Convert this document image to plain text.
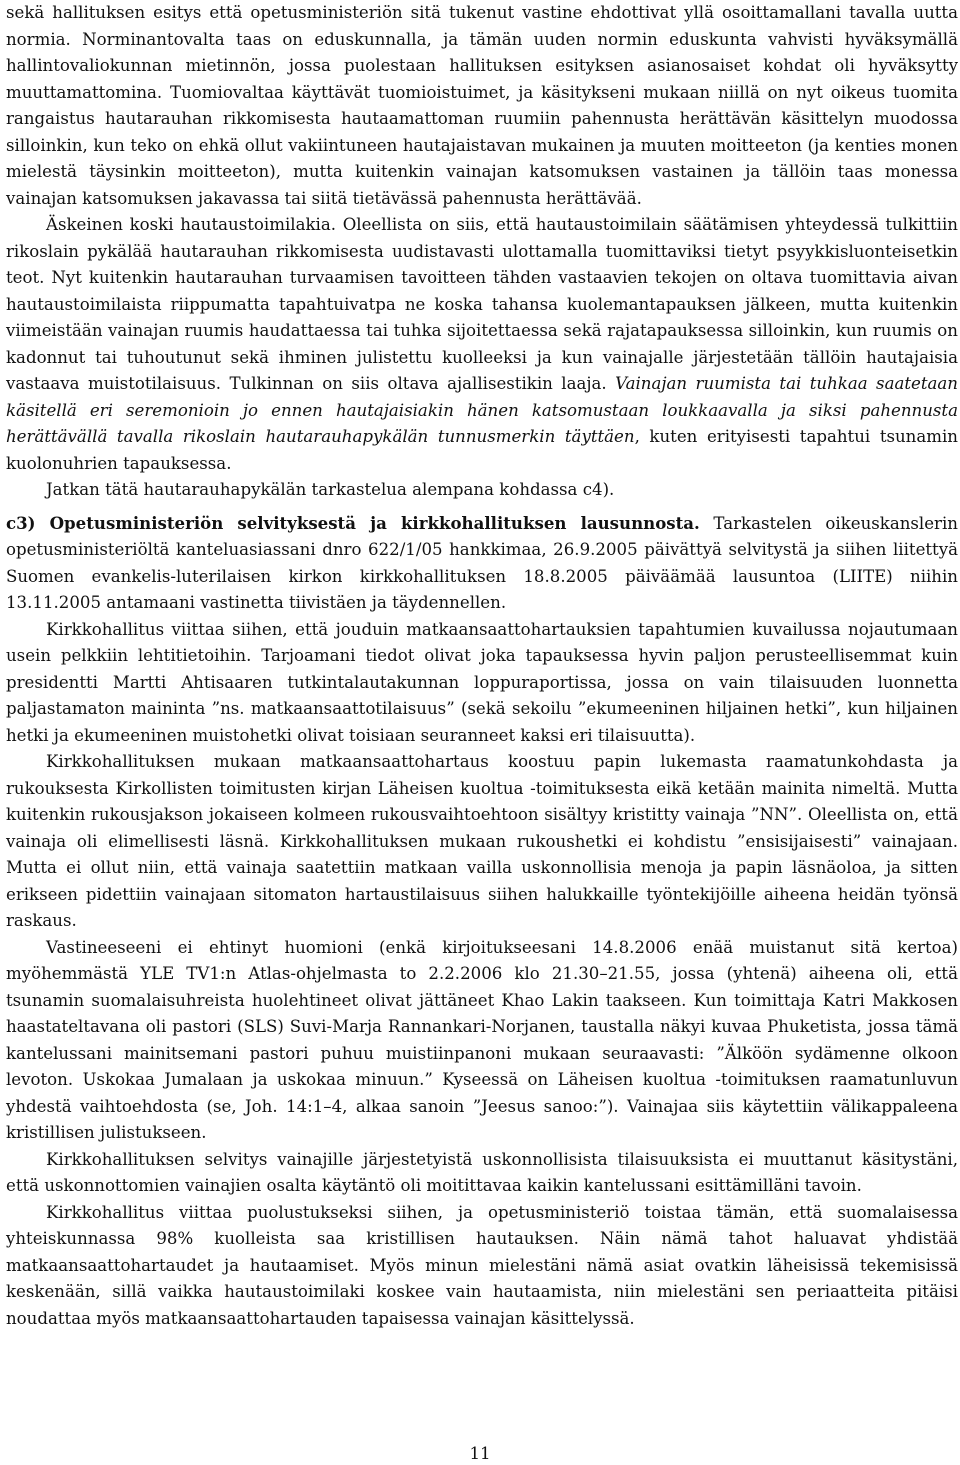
sekä hallituksen esitys että opetusministeriön sitä tukenut vastine ehdottivat yllä osoittamallani tavalla uutta normia. Norminantovalta taas on eduskunnalla, ja tämän uuden normin eduskunta vahvisti hyväksymällä hallintovaliokunnan mietinnön, jossa puolestaan hallituksen esityksen asianosaiset kohdat oli hyväksytty muuttamattomina. Tuomiovaltaa käyttävät tuomioistuimet, ja käsitykseni mukaan niillä on nyt oikeus tuomita rangaistus hautarauhan rikkomisesta hautaamattoman ruumiin pahennusta herättävän käsittelyn muodossa silloinkin, kun teko on ehkä ollut vakiintuneen hautajaistavan mukainen ja muuten moitteeton (ja kenties monen mielestä täysinkin moitteeton), mutta kuitenkin vainajan katsomuksen vastainen ja tällöin taas monessa vainajan katsomuksen jakavassa tai siitä tietävässä pahennusta herättävää.

Äskeinen koski hautaustoimilakia. Oleellista on siis, että hautaustoimilain säätämisen yhteydessä tulkittiin rikoslain pykälää hautarauhan rikkomisesta uudistavasti ulottamalla tuomittaviksi tietyt psyykkisluonteisetkin teot. Nyt kuitenkin hautarauhan turvaamisen tavoitteen tähden vastaavien tekojen on oltava tuomittavia aivan hautaustoimilaista riippumatta tapahtuivatpa ne koska tahansa kuolemantapauksen jälkeen, mutta kuitenkin viimeistään vainajan ruumis haudattaessa tai tuhka sijoitettaessa sekä rajatapauksessa silloinkin, kun ruumis on kadonnut tai tuhoutunut sekä ihminen julistettu kuolleeksi ja kun vainajalle järjestetään tällöin hautajaisia vastaava muistotilaisuus. Tulkinnan on siis oltava ajallisestikin laaja. Vainajan ruumista tai tuhkaa saatetaan käsitellä eri seremonioin jo ennen hautajaisiakin hänen katsomustaan loukkaavalla ja siksi pahennusta herättävällä tavalla rikoslain hautarauhapykälän tunnusmerkin täyttäen, kuten erityisesti tapahtui tsunamin kuolonuhrien tapauksessa.

Jatkan tätä hautarauhapykälän tarkastelua alempana kohdassa c4).

c3) Opetusministeriön selvityksestä ja kirkkohallituksen lausunnosta. Tarkastelen oikeuskanslerin opetusministeriöltä kanteluasiassani dnro 622/1/05 hankkimaa, 26.9.2005 päivättyä selvitystä ja siihen liitettyä Suomen evankelis-luterilaisen kirkon kirkkohallituksen 18.8.2005 päiväämää lausuntoa (LIITE) niihin 13.11.2005 antamaani vastinetta tiivistäen ja täydennellen.

Kirkkohallitus viittaa siihen, että jouduin matkaansaattohartauksien tapahtumien kuvailussa nojautumaan usein pelkkiin lehtitietoihin. Tarjoamani tiedot olivat joka tapauksessa hyvin paljon perusteellisemmat kuin presidentti Martti Ahtisaaren tutkintalautakunnan loppuraportissa, jossa on vain tilaisuuden luonnetta paljastamaton maininta ”ns. matkaansaattotilaisuus” (sekä sekoilu ”ekumeeninen hiljainen hetki”, kun hiljainen hetki ja ekumeeninen muistohetki olivat toisiaan seuranneet kaksi eri tilaisuutta).

Kirkkohallituksen mukaan matkaansaattohartaus koostuu papin lukemasta raamatunkohdasta ja rukouksesta Kirkollisten toimitusten kirjan Läheisen kuoltua -toimituksesta eikä ketään mainita nimeltä. Mutta kuitenkin rukousjakson jokaiseen kolmeen rukousvaihtoehtoon sisältyy kristitty vainaja ”NN”. Oleellista on, että vainaja oli elimellisesti läsnä. Kirkkohallituksen mukaan rukoushetki ei kohdistu ”ensisijaisesti” vainajaan. Mutta ei ollut niin, että vainaja saatettiin matkaan vailla uskonnollisia menoja ja papin läsnäoloa, ja sitten erikseen pidettiin vainajaan sitomaton hartaustilaisuus siihen halukkaille työntekijöille aiheena heidän työnsä raskaus.

Vastineeseeni ei ehtinyt huomioni (enkä kirjoitukseesani 14.8.2006 enää muistanut sitä kertoa) myöhemmästä YLE TV1:n Atlas-ohjelmasta to 2.2.2006 klo 21.30–21.55, jossa (yhtenä) aiheena oli, että tsunamin suomalaisuhreista huolehtineet olivat jättäneet Khao Lakin taakseen. Kun toimittaja Katri Makkosen haastateltavana oli pastori (SLS) Suvi-Marja Rannankari-Norjanen, taustalla näkyi kuvaa Phuketista, jossa tämä kantelussani mainitsemani pastori puhuu muistiinpanoni mukaan seuraavasti: ”Älköön sydämenne olkoon levoton. Uskokaa Jumalaan ja uskokaa minuun.” Kyseessä on Läheisen kuoltua -toimituksen raamatunluvun yhdestä vaihtoehdosta (se, Joh. 14:1–4, alkaa sanoin ”Jeesus sanoo:”). Vainajaa siis käytettiin välikappaleena kristillisen julistukseen.

Kirkkohallituksen selvitys vainajille järjestetyistä uskonnollisista tilaisuuksista ei muuttanut käsitystäni, että uskonnottomien vainajien osalta käytäntö oli moitittavaa kaikin kantelussani esittämilläni tavoin.

Kirkkohallitus viittaa puolustukseksi siihen, ja opetusministeriö toistaa tämän, että suomalaisessa yhteiskunnassa 98% kuolleista saa kristillisen hautauksen. Näin nämä tahot haluavat yhdistää matkaansaattohartaudet ja hautaamiset. Myös minun mielestäni nämä asiat ovatkin läheisissä tekemisissä keskenään, sillä vaikka hautaustoimilaki koskee vain hautaamista, niin mielestäni sen periaatteita pitäisi noudattaa myös matkaansaattohartauden tapaisessa vainajan käsittelyssä.

11
